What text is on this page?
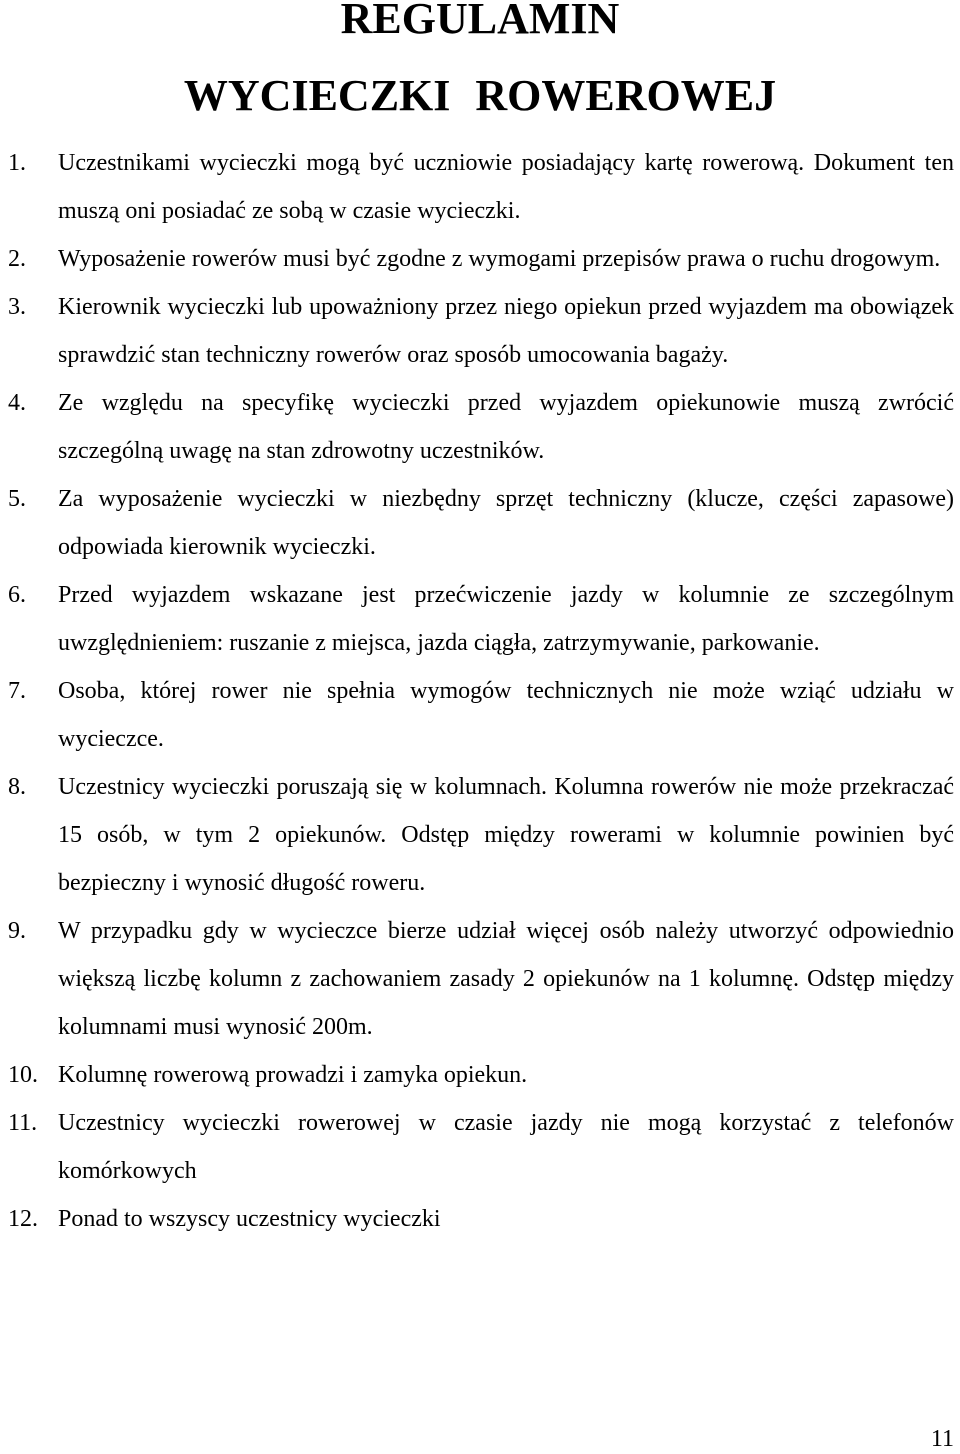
REGULAMIN
WYCIECZKI ROWEROWEJ
1. Uczestnikami wycieczki mogą być uczniowie posiadający kartę rowerową. Dokument ten muszą oni posiadać ze sobą w czasie wycieczki.
2. Wyposażenie rowerów musi być zgodne z wymogami przepisów prawa o ruchu drogowym.
3. Kierownik wycieczki lub upoważniony przez niego opiekun przed wyjazdem ma obowiązek sprawdzić stan techniczny rowerów oraz sposób umocowania bagaży.
4. Ze względu na specyfikę wycieczki przed wyjazdem opiekunowie muszą zwrócić szczególną uwagę na stan zdrowotny uczestników.
5. Za wyposażenie wycieczki w niezbędny sprzęt techniczny (klucze, części zapasowe) odpowiada kierownik wycieczki.
6. Przed wyjazdem wskazane jest przećwiczenie jazdy w kolumnie ze szczególnym uwzględnieniem: ruszanie z miejsca, jazda ciągła, zatrzymywanie, parkowanie.
7. Osoba, której rower nie spełnia wymogów technicznych nie może wziąć udziału w wycieczce.
8. Uczestnicy wycieczki poruszają się w kolumnach. Kolumna rowerów nie może przekraczać 15 osób, w tym 2 opiekunów. Odstęp między rowerami w kolumnie powinien być bezpieczny i wynosić długość roweru.
9. W przypadku gdy w wycieczce bierze udział więcej osób należy utworzyć odpowiednio większą liczbę kolumn z zachowaniem zasady 2 opiekunów na 1 kolumnę. Odstęp między kolumnami musi wynosić 200m.
10. Kolumnę rowerową prowadzi i zamyka opiekun.
11. Uczestnicy wycieczki rowerowej w czasie jazdy nie mogą korzystać z telefonów komórkowych
12. Ponad to wszyscy uczestnicy wycieczki
11
